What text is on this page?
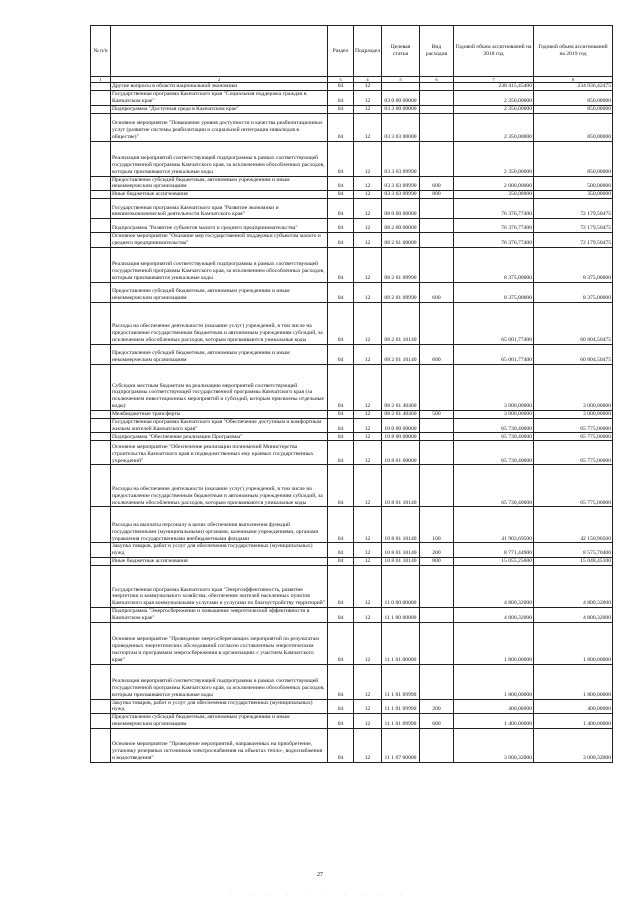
№ п/п		Раздел	Подраздел	Целевая статья	Вид расходов	Годовой объем ассигнований на 2018 год	Годовой объем ассигнований на 2019 год
1	2	3	4	5	6	7	8
	Другие вопросы в области национальной экономики	04	12			238 415,45400	234 936,42475
	Государственная программа Камчатского края "Социальная поддержка граждан в Камчатском крае"	04	12	03 0 00 00000		2 350,00000	850,00000
	Подпрограмма "Доступная среда в Камчатском крае"	04	12	03 3 00 00000		2 350,00000	850,00000
	Основное мероприятие "Повышение уровня доступности и качества реабилитационных услуг (развитие системы реабилитации и социальной интеграции инвалидов в обществе)"	04	12	03 3 03 00000		2 350,00000	850,00000
	Реализация мероприятий соответствующей подпрограммы в рамках соответствующей государственной программы Камчатского края, за исключением обособленных расходов, которым присваиваются уникальные коды	04	12	03 3 03 09990		2 350,00000	850,00000
	Предоставление субсидий бюджетным, автономным учреждениям и иным некоммерческим организациям	04	12	03 3 03 09990	600	2 000,00000	500,00000
	Иные бюджетные ассигнования	04	12	03 3 03 09990	800	350,00000	350,00000
	Государственная программа Камчатского края "Развитие экономики и внешнеэкономической деятельности Камчатского края"	04	12	08 0 00 00000		76 376,77400	72 179,50475
	Подпрограмма "Развитие субъектов малого и среднего предпринимательства"	04	12	08 2 00 00000		76 376,77400	72 179,50475
	Основное мероприятие "Оказание мер государственной поддержки субъектам малого и среднего предпринимательства"	04	12	08 2 01 00000		76 376,77400	72 179,50475
	Реализация мероприятий соответствующей подпрограммы в рамках соответствующей государственной программы Камчатского края, за исключением обособленных расходов, которым присваиваются уникальные коды	04	12	08 2 01 09990		8 375,00000	8 375,00000
	Предоставление субсидий бюджетным, автономным учреждениям и иным некоммерческим организациям	04	12	08 2 01 09990	600	8 375,00000	8 375,00000
	Расходы на обеспечение деятельности (оказание услуг) учреждений, в том числе на предоставление государственным бюджетным и автономным учреждениям субсидий, за исключением обособленных расходов, которым присваиваются уникальные коды	04	12	08 2 01 10140		65 001,77400	60 804,50475
	Предоставление субсидий бюджетным, автономным учреждениям и иным некоммерческим организациям	04	12	08 2 01 10140	600	65 001,77400	60 804,50475
	Субсидии местным бюджетам на реализацию мероприятий соответствующей подпрограммы соответствующей государственной программы Камчатского края (за исключением инвестиционных мероприятий и субсидий, которым присвоены отдельные коды)	04	12	08 2 01 40460		3 000,00000	3 000,00000
	Межбюджетные трансферты	04	12	08 2 01 40460	500	3 000,00000	3 000,00000
	Государственная программа Камчатского края "Обеспечение доступным и комфортным жильем жителей Камчатского края"	04	12	10 0 00 00000		65 730,40000	65 775,06000
	Подпрограмма "Обеспечение реализации Программы"	04	12	10 8 00 00000		65 730,40000	65 775,06000
	Основное мероприятие "Обеспечение реализации полномочий Министерства строительства Камчатского края и подведомственных ему краевых государственных учреждений"	04	12	10 8 01 00000		65 730,40000	65 775,06000
	Расходы на обеспечение деятельности (оказание услуг) учреждений, в том числе на предоставление государственным бюджетным и автономным учреждениям субсидий, за исключением обособленных расходов, которым присваиваются уникальные коды	04	12	10 8 01 10140		65 730,40000	65 775,06000
	Расходы на выплаты персоналу в целях обеспечения выполнения функций государственными (муниципальными) органами, казенными учреждениями, органами управления государственными внебюджетными фондами	04	12	10 8 01 10140	100	41 903,69500	42 150,90560
	Закупка товаров, работ и услуг для обеспечения государственных (муниципальных) нужд	04	12	10 8 01 10140	200	8 771,44900	8 575,70400
	Иные бюджетные ассигнования	04	12	10 8 01 10140	800	15 055,25600	15 048,45100
	Государственная программа Камчатского края "Энергоэффективность, развитие энергетики и коммунального хозяйства, обеспечение жителей населенных пунктов Камчатского края коммунальными услугами и услугами по благоустройству территорий"	04	12	11 0 00 00000		4 800,32000	4 800,32000
	Подпрограмма "Энергосбережение и повышение энергетической эффективности в Камчатском крае"	04	12	11 1 00 00000		4 800,32000	4 800,32000
	Основное мероприятие "Проведение энергосберегающих мероприятий по результатам проведенных энергетических обследований согласно составленным энергетическим паспортам и программам энергосбережения в организациях с участием Камчатского края"	04	12	11 1 01 00000		1 800,00000	1 800,00000
	Реализация мероприятий соответствующей подпрограммы в рамках соответствующей государственной программы Камчатского края, за исключением обособленных расходов, которым присваиваются уникальные коды	04	12	11 1 01 09990		1 800,00000	1 800,00000
	Закупка товаров, работ и услуг для обеспечения государственных (муниципальных) нужд	04	12	11 1 01 09990	200	400,00000	400,00000
	Предоставление субсидий бюджетным, автономным учреждениям и иным некоммерческим организациям	04	12	11 1 01 09990	600	1 400,00000	1 400,00000
	Основное мероприятие "Проведение мероприятий, направленных на приобретение, установку резервных источников электроснабжения на объектах тепло-, водоснабжения и водоотведения"	04	12	11 1 07 00000		3 000,32000	3 000,32000
27
· · · · · · · · · ·
